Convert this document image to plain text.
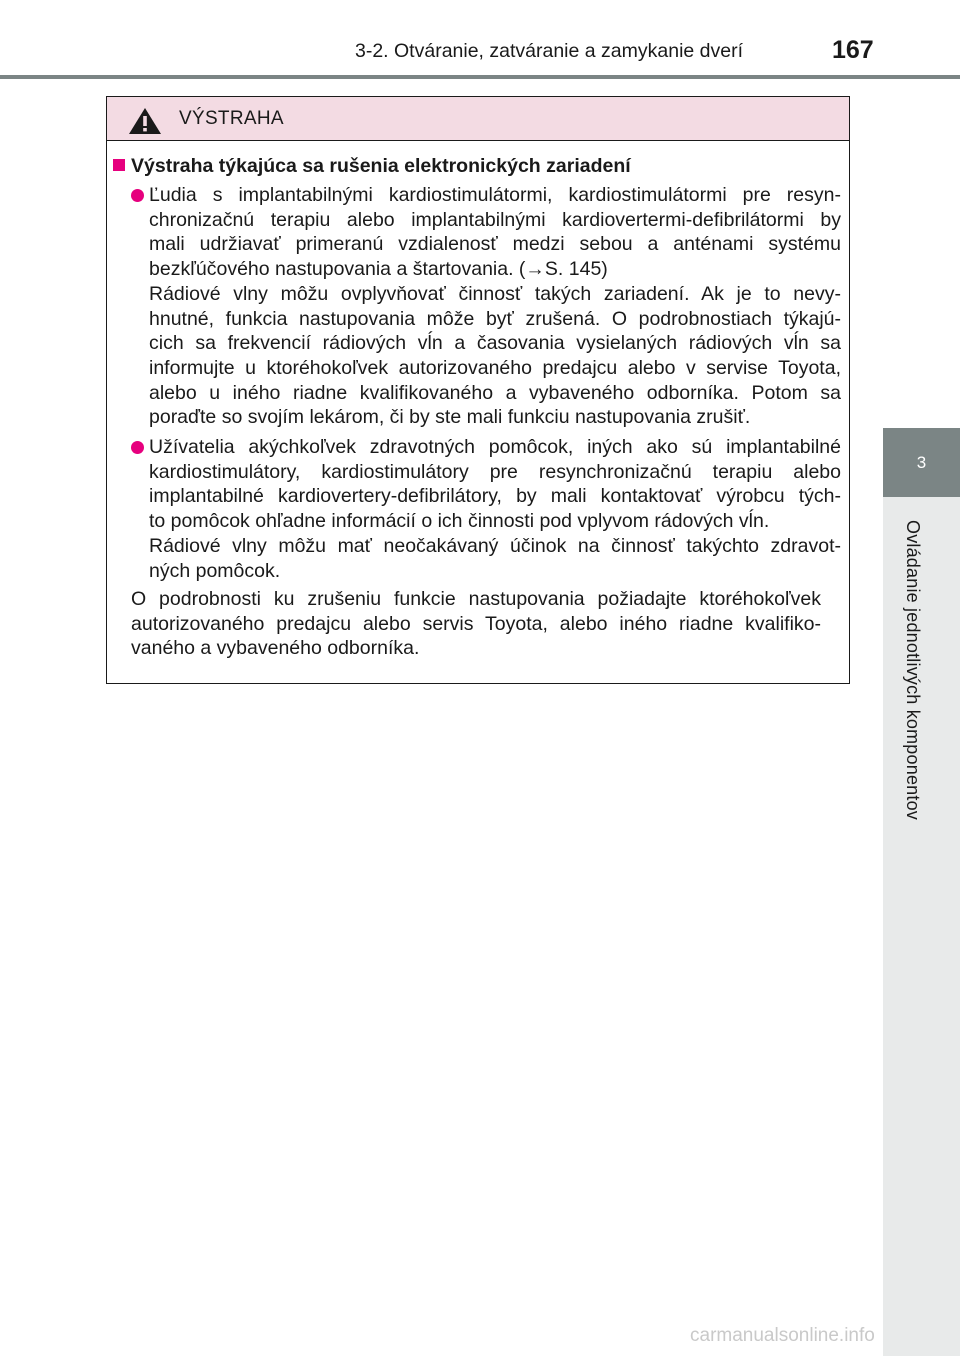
3-2. Otváranie, zatváranie a zamykanie dverí	167
3
Ovládanie jednotlivých komponentov
VÝSTRAHA
Výstraha týkajúca sa rušenia elektronických zariadení
Ľudia s implantabilnými kardiostimulátormi, kardiostimulátormi pre resyn-
chronizačnú terapiu alebo implantabilnými kardiovertermi-defibrilátormi by
mali udržiavať primeranú vzdialenosť medzi sebou a anténami systému
bezkľúčového nastupovania a štartovania. (→S. 145)
Rádiové vlny môžu ovplyvňovať činnosť takých zariadení. Ak je to nevy-
hnutné, funkcia nastupovania môže byť zrušená. O podrobnostiach týkajú-
cich sa frekvencií rádiových vĺn a časovania vysielaných rádiových vĺn sa
informujte u ktoréhokoľvek autorizovaného predajcu alebo v servise Toyota,
alebo u iného riadne kvalifikovaného a vybaveného odborníka. Potom sa
poraďte so svojím lekárom, či by ste mali funkciu nastupovania zrušiť.
Užívatelia akýchkoľvek zdravotných pomôcok, iných ako sú implantabilné
kardiostimulátory, kardiostimulátory pre resynchronizačnú terapiu alebo
implantabilné kardiovertery-defibrilátory, by mali kontaktovať výrobcu tých-
to pomôcok ohľadne informácií o ich činnosti pod vplyvom rádových vĺn.
Rádiové vlny môžu mať neočakávaný účinok na činnosť takýchto zdravot-
ných pomôcok.
O podrobnosti ku zrušeniu funkcie nastupovania požiadajte ktoréhokoľvek
autorizovaného predajcu alebo servis Toyota, alebo iného riadne kvalifiko-
vaného a vybaveného odborníka.
carmanualsonline.info
